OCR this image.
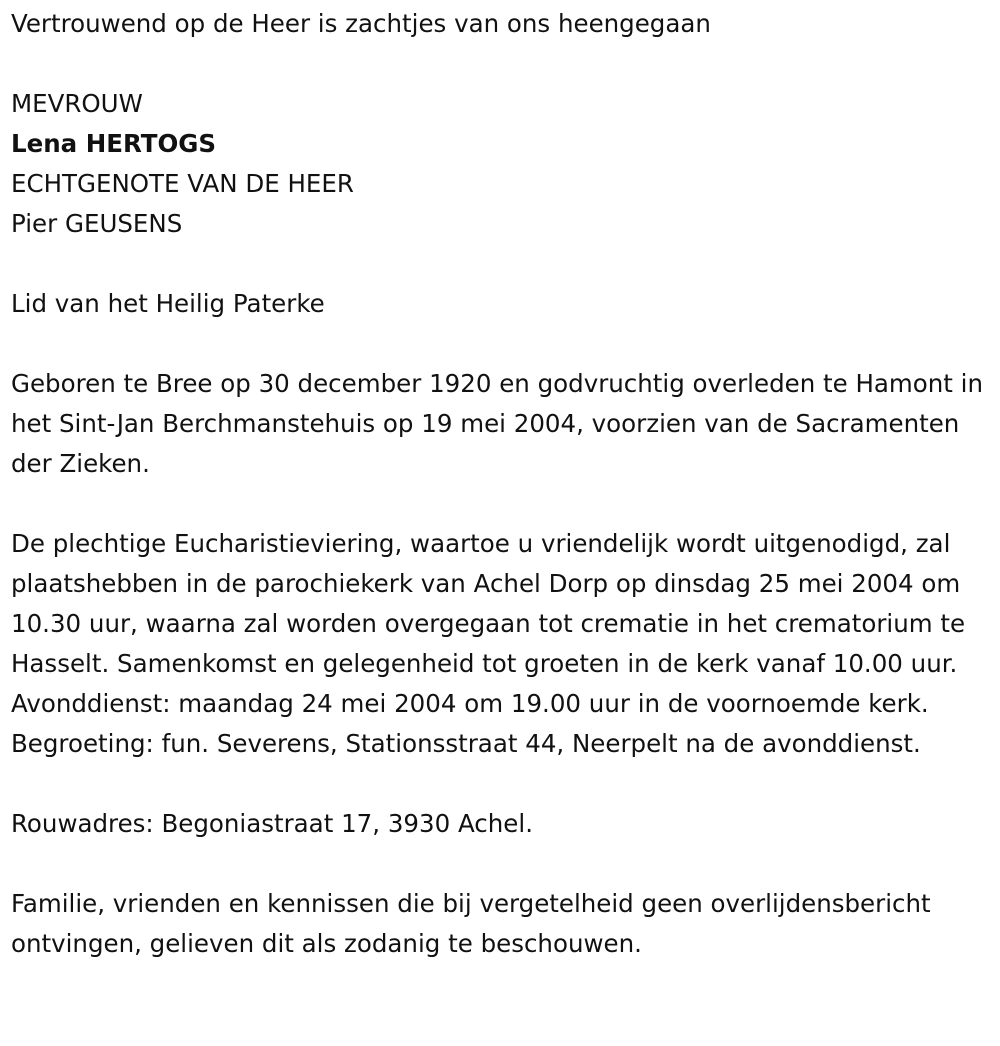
Vertrouwend op de Heer is zachtjes van ons heengegaan

MEVROUW

Lena HERTOGS

ECHTGENOTE VAN DE HEER

Pier GEUSENS

Lid van het Heilig Paterke

Geboren te Bree op 30 december 1920 en godvruchtig overleden te Hamont in het Sint-Jan Berchmanstehuis op 19 mei 2004, voorzien van de Sacramenten der Zieken.

De plechtige Eucharistieviering, waartoe u vriendelijk wordt uitgenodigd, zal plaatshebben in de parochiekerk van Achel Dorp op dinsdag 25 mei 2004 om 10.30 uur, waarna zal worden overgegaan tot crematie in het crematorium te Hasselt. Samenkomst en gelegenheid tot groeten in de kerk vanaf 10.00 uur. Avonddienst: maandag 24 mei 2004 om 19.00 uur in de voornoemde kerk. Begroeting: fun. Severens, Stationsstraat 44, Neerpelt na de avonddienst.

Rouwadres: Begoniastraat 17, 3930 Achel.

Familie, vrienden en kennissen die bij vergetelheid geen overlijdensbericht ontvingen, gelieven dit als zodanig te beschouwen.
